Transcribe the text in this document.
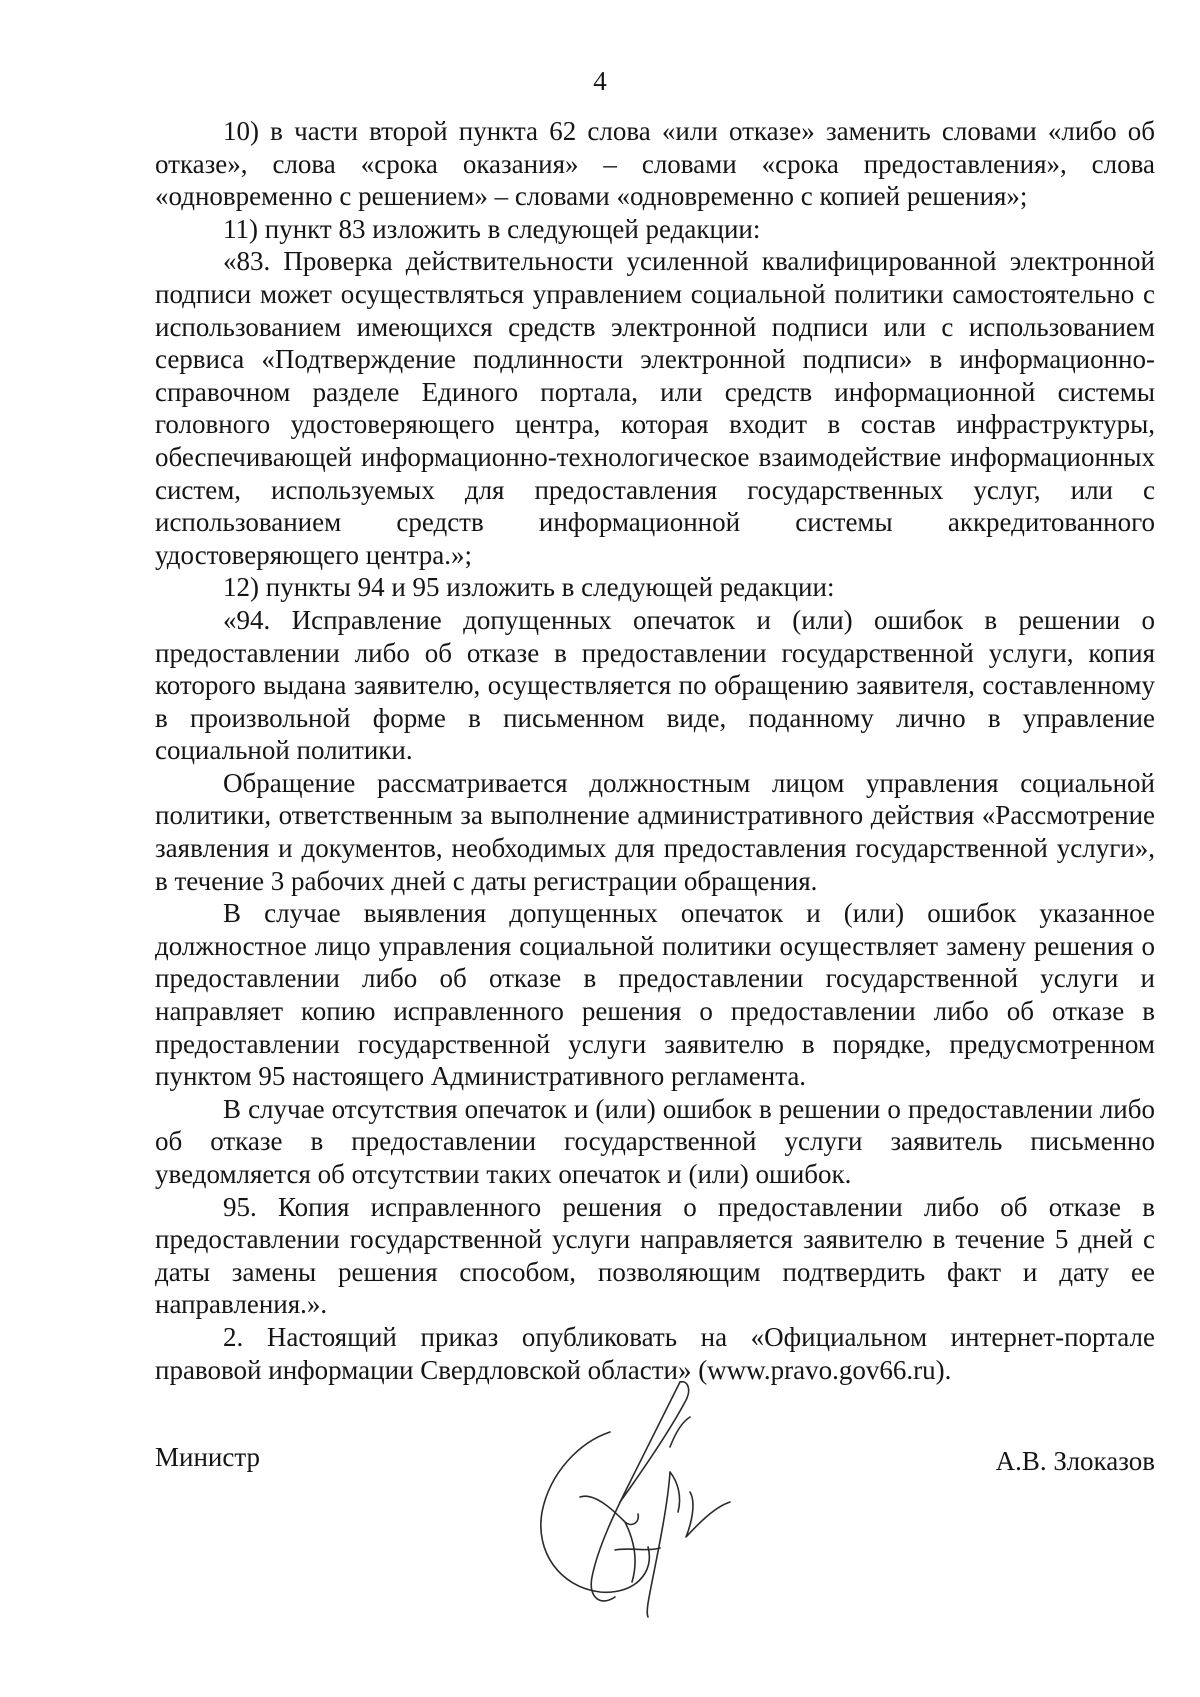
4

10) в части второй пункта 62 слова «или отказе» заменить словами «либо об отказе», слова «срока оказания» – словами «срока предоставления», слова «одновременно с решением» – словами «одновременно с копией решения»;

11) пункт 83 изложить в следующей редакции:

«83. Проверка действительности усиленной квалифицированной электронной подписи может осуществляться управлением социальной политики самостоятельно с использованием имеющихся средств электронной подписи или с использованием сервиса «Подтверждение подлинности электронной подписи» в информационно-справочном разделе Единого портала, или средств информационной системы головного удостоверяющего центра, которая входит в состав инфраструктуры, обеспечивающей информационно-технологическое взаимодействие информационных систем, используемых для предоставления государственных услуг, или с использованием средств информационной системы аккредитованного удостоверяющего центра.»;

12) пункты 94 и 95 изложить в следующей редакции:

«94. Исправление допущенных опечаток и (или) ошибок в решении о предоставлении либо об отказе в предоставлении государственной услуги, копия которого выдана заявителю, осуществляется по обращению заявителя, составленному в произвольной форме в письменном виде, поданному лично в управление социальной политики.

Обращение рассматривается должностным лицом управления социальной политики, ответственным за выполнение административного действия «Рассмотрение заявления и документов, необходимых для предоставления государственной услуги», в течение 3 рабочих дней с даты регистрации обращения.

В случае выявления допущенных опечаток и (или) ошибок указанное должностное лицо управления социальной политики осуществляет замену решения о предоставлении либо об отказе в предоставлении государственной услуги и направляет копию исправленного решения о предоставлении либо об отказе в предоставлении государственной услуги заявителю в порядке, предусмотренном пунктом 95 настоящего Административного регламента.

В случае отсутствия опечаток и (или) ошибок в решении о предоставлении либо об отказе в предоставлении государственной услуги заявитель письменно уведомляется об отсутствии таких опечаток и (или) ошибок.

95. Копия исправленного решения о предоставлении либо об отказе в предоставлении государственной услуги направляется заявителю в течение 5 дней с даты замены решения способом, позволяющим подтвердить факт и дату ее направления.».

2. Настоящий приказ опубликовать на «Официальном интернет-портале правовой информации Свердловской области» (www.pravo.gov66.ru).

Министр	А.В. Злоказов
